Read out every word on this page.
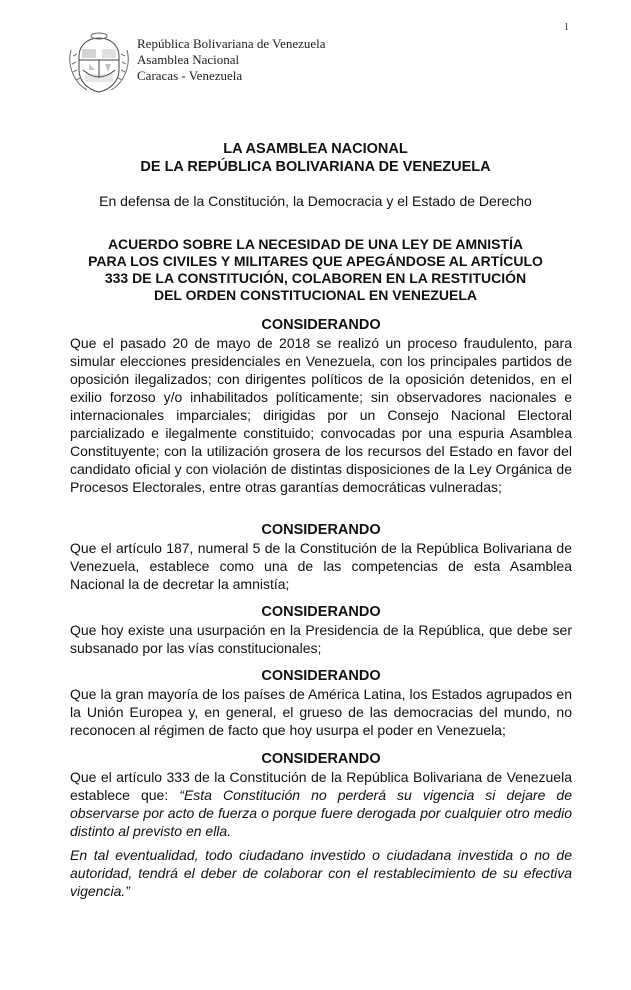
1
República Bolivariana de Venezuela
Asamblea Nacional
Caracas - Venezuela
LA ASAMBLEA NACIONAL
DE LA REPÚBLICA BOLIVARIANA DE VENEZUELA
En defensa de la Constitución, la Democracia y el Estado de Derecho
ACUERDO SOBRE LA NECESIDAD DE UNA LEY DE AMNISTÍA
PARA LOS CIVILES Y MILITARES QUE APEGÁNDOSE AL ARTÍCULO
333 DE LA CONSTITUCIÓN, COLABOREN EN LA RESTITUCIÓN
DEL ORDEN CONSTITUCIONAL EN VENEZUELA

CONSIDERANDO

Que el pasado 20 de mayo de 2018 se realizó un proceso fraudulento, para simular elecciones presidenciales en Venezuela, con los principales partidos de oposición ilegalizados; con dirigentes políticos de la oposición detenidos, en el exilio forzoso y/o inhabilitados políticamente; sin observadores nacionales e internacionales imparciales; dirigidas por un Consejo Nacional Electoral parcializado e ilegalmente constituido; convocadas por una espuria Asamblea Constituyente; con la utilización grosera de los recursos del Estado en favor del candidato oficial y con violación de distintas disposiciones de la Ley Orgánica de Procesos Electorales, entre otras garantías democráticas vulneradas;

CONSIDERANDO

Que el artículo 187, numeral 5 de la Constitución de la República Bolivariana de Venezuela, establece como una de las competencias de esta Asamblea Nacional la de decretar la amnistía;

CONSIDERANDO

Que hoy existe una usurpación en la Presidencia de la República, que debe ser subsanado por las vías constitucionales;

CONSIDERANDO

Que la gran mayoría de los países de América Latina, los Estados agrupados en la Unión Europea y, en general, el grueso de las democracias del mundo, no reconocen al régimen de facto que hoy usurpa el poder en Venezuela;

CONSIDERANDO

Que el artículo 333 de la Constitución de la República Bolivariana de Venezuela establece que: “Esta Constitución no perderá su vigencia si dejare de observarse por acto de fuerza o porque fuere derogada por cualquier otro medio distinto al previsto en ella.

En tal eventualidad, todo ciudadano investido o ciudadana investida o no de autoridad, tendrá el deber de colaborar con el restablecimiento de su efectiva vigencia.”
